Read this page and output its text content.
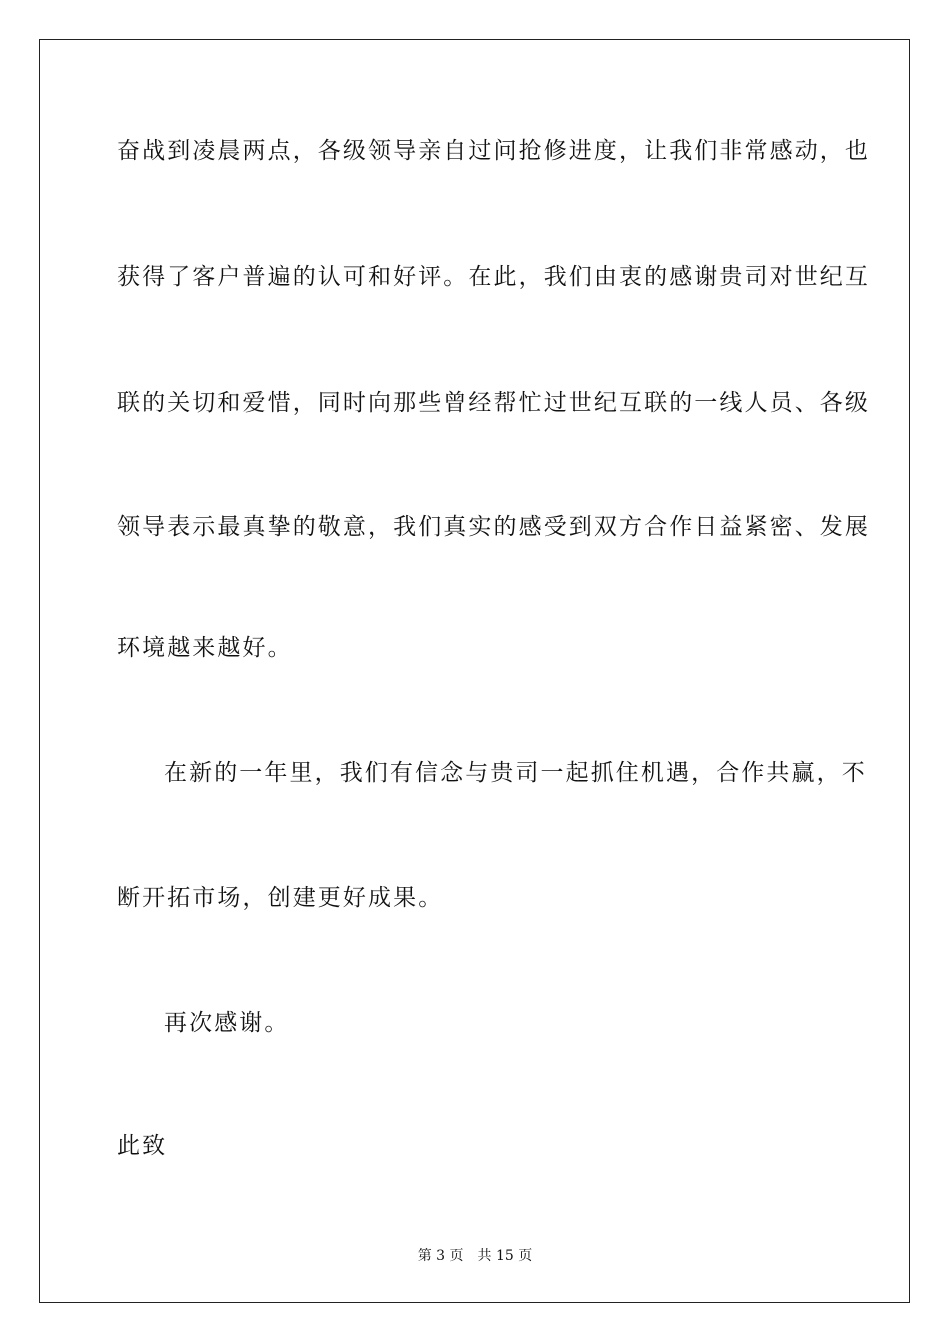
奋战到凌晨两点，各级领导亲自过问抢修进度，让我们非常感动，也
获得了客户普遍的认可和好评。在此，我们由衷的感谢贵司对世纪互
联的关切和爱惜，同时向那些曾经帮忙过世纪互联的一线人员、各级
领导表示最真挚的敬意，我们真实的感受到双方合作日益紧密、发展
环境越来越好。
在新的一年里，我们有信念与贵司一起抓住机遇，合作共赢，不
断开拓市场，创建更好成果。
再次感谢。
此致
第 3 页 共 15 页
